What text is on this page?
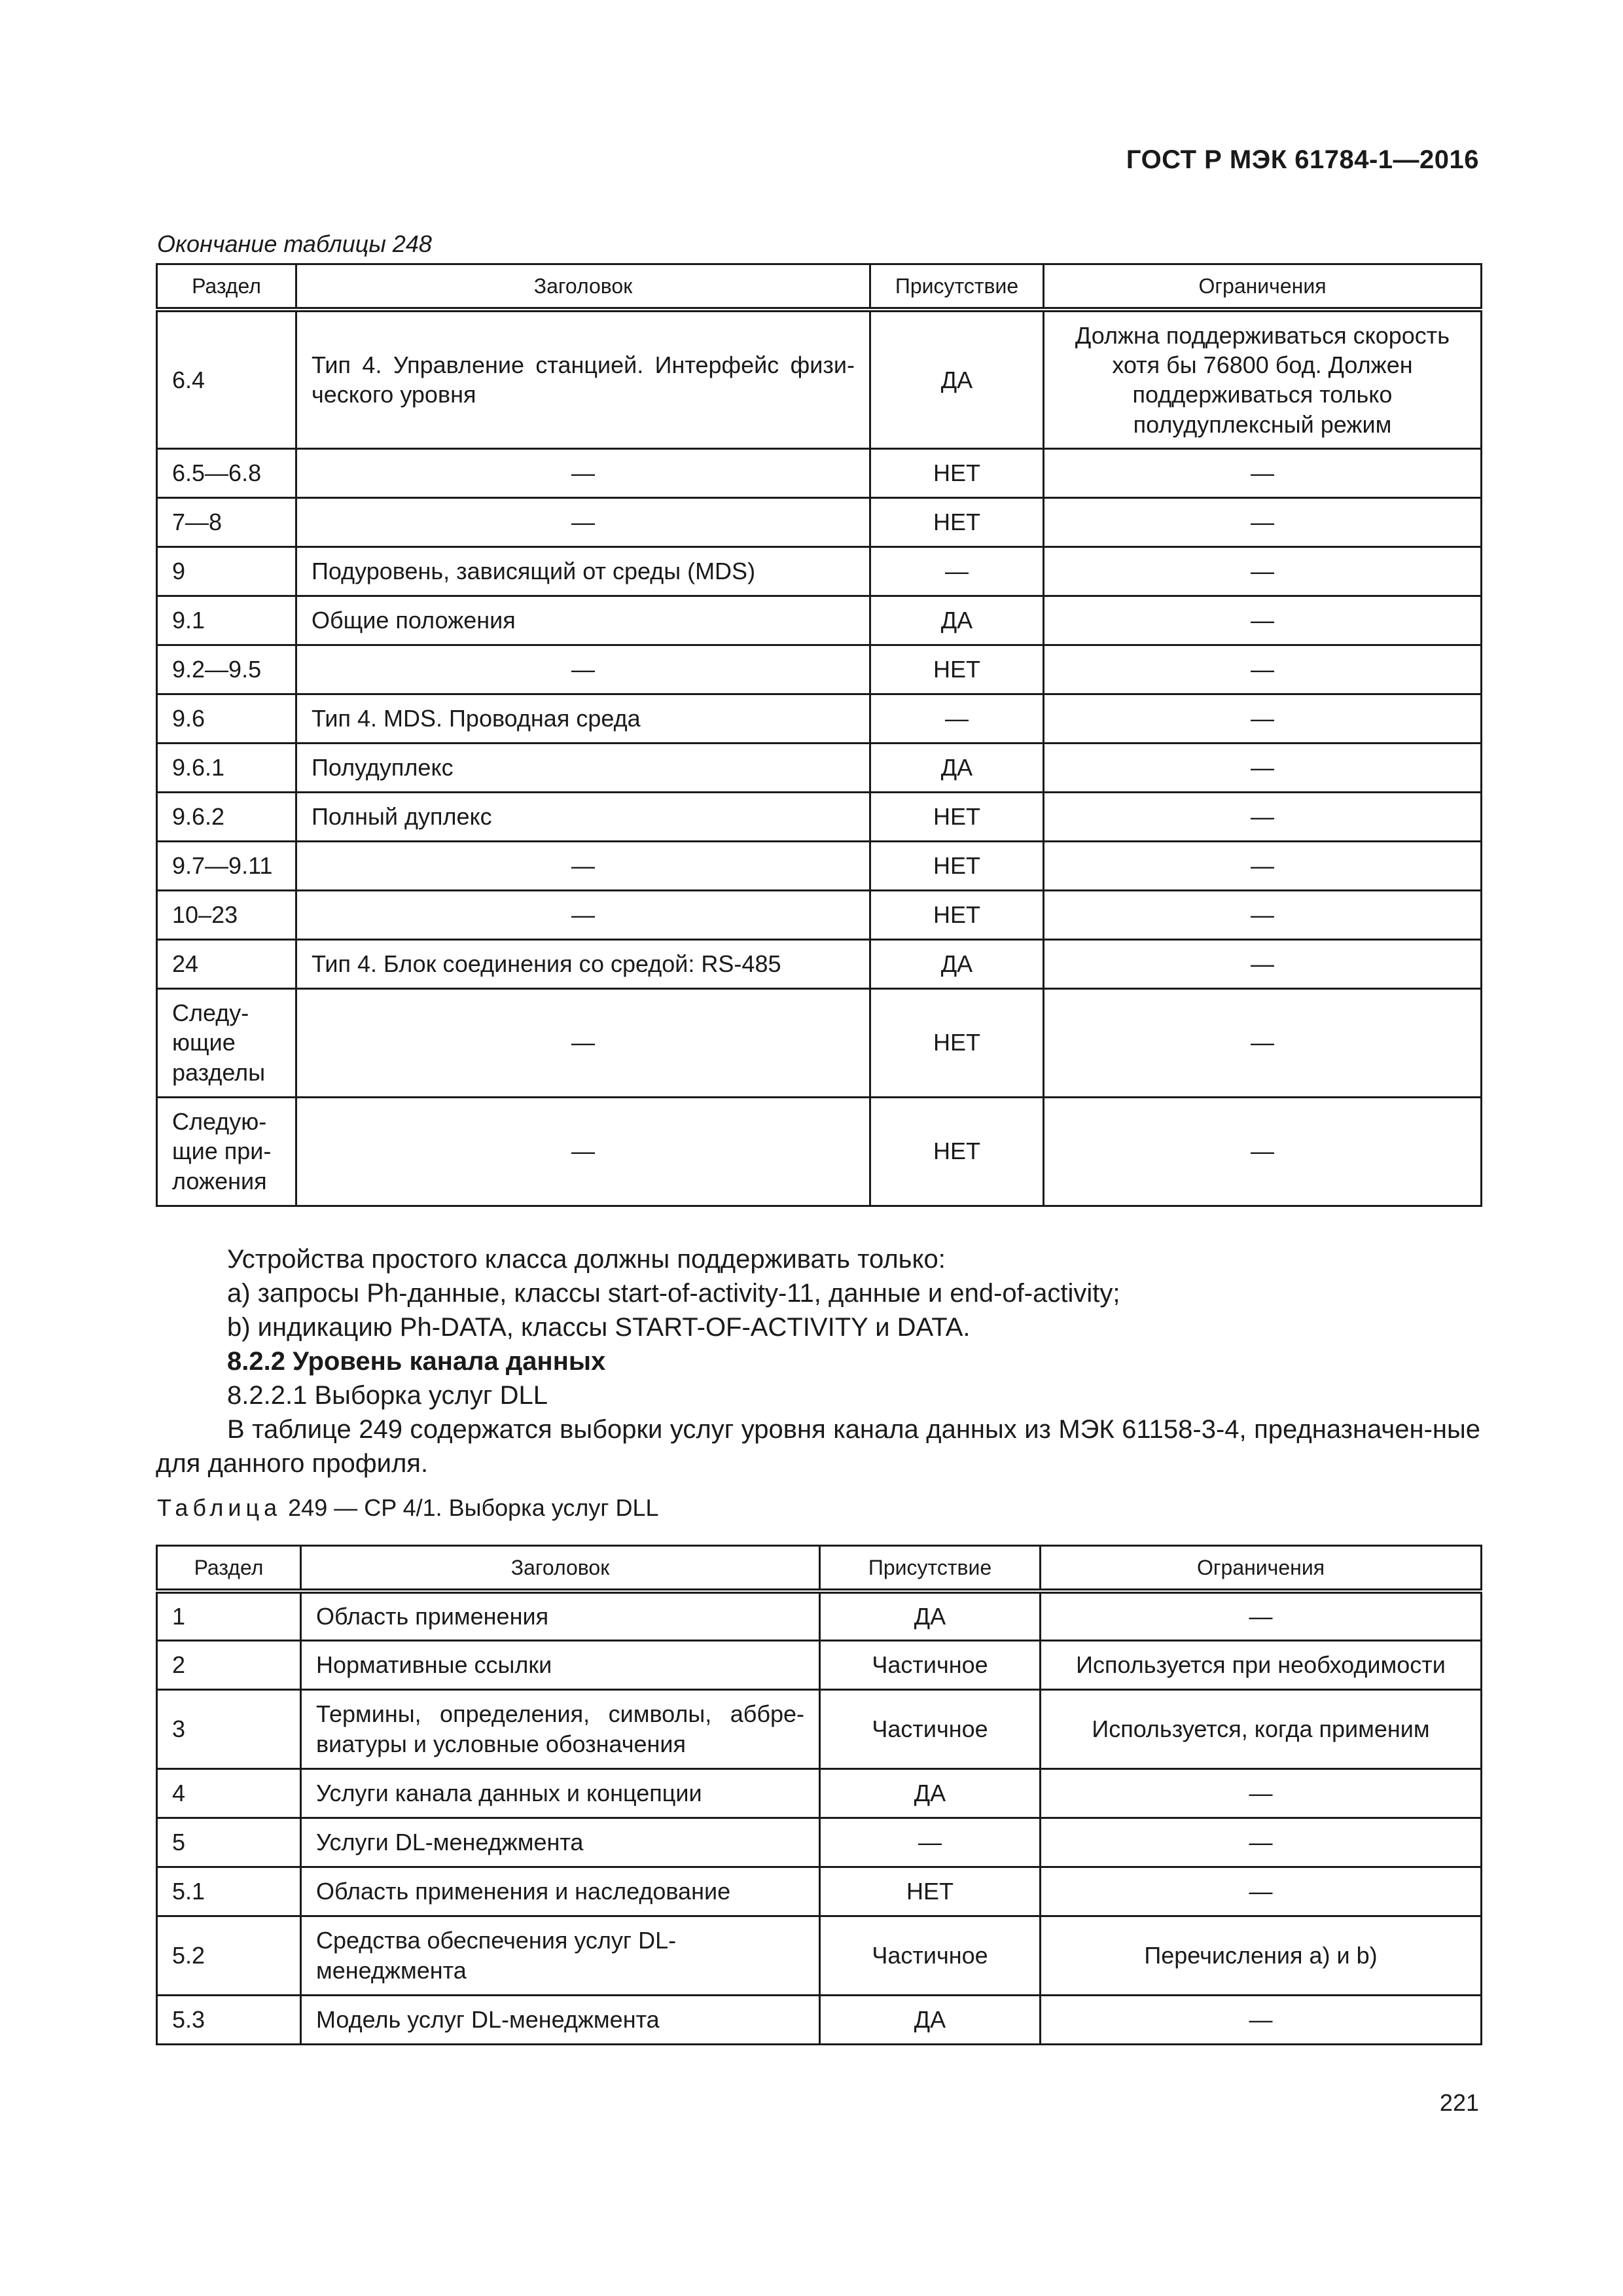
ГОСТ Р МЭК 61784-1—2016
Окончание таблицы 248
Раздел	Заголовок	Присутствие	Ограничения
6.4	Тип 4. Управление станцией. Интерфейс физи-ческого уровня	ДА	Должна поддерживаться скорость хотя бы 76800 бод. Должен поддерживаться только полудуплексный режим
6.5—6.8	—	НЕТ	—
7—8	—	НЕТ	—
9	Подуровень, зависящий от среды (MDS)	—	—
9.1	Общие положения	ДА	—
9.2—9.5	—	НЕТ	—
9.6	Тип 4. MDS. Проводная среда	—	—
9.6.1	Полудуплекс	ДА	—
9.6.2	Полный дуплекс	НЕТ	—
9.7—9.11	—	НЕТ	—
10–23	—	НЕТ	—
24	Тип 4. Блок соединения со средой: RS-485	ДА	—
Следу-ющие разделы	—	НЕТ	—
Следую-щие при-ложения	—	НЕТ	—

Устройства простого класса должны поддерживать только:

a) запросы Ph-данные, классы start-of-activity-11, данные и end-of-activity;

b) индикацию Ph-DATA, классы START-OF-ACTIVITY и DATA.

8.2.2 Уровень канала данных

8.2.2.1 Выборка услуг DLL

В таблице 249 содержатся выборки услуг уровня канала данных из МЭК 61158-3-4, предназначен-ные для данного профиля.

Таблица 249 — CP 4/1. Выборка услуг DLL
Раздел	Заголовок	Присутствие	Ограничения
1	Область применения	ДА	—
2	Нормативные ссылки	Частичное	Используется при необходимости
3	Термины, определения, символы, аббре-виатуры и условные обозначения	Частичное	Используется, когда применим
4	Услуги канала данных и концепции	ДА	—
5	Услуги DL-менеджмента	—	—
5.1	Область применения и наследование	НЕТ	—
5.2	Средства обеспечения услуг DL-менеджмента	Частичное	Перечисления a) и b)
5.3	Модель услуг DL-менеджмента	ДА	—
221
